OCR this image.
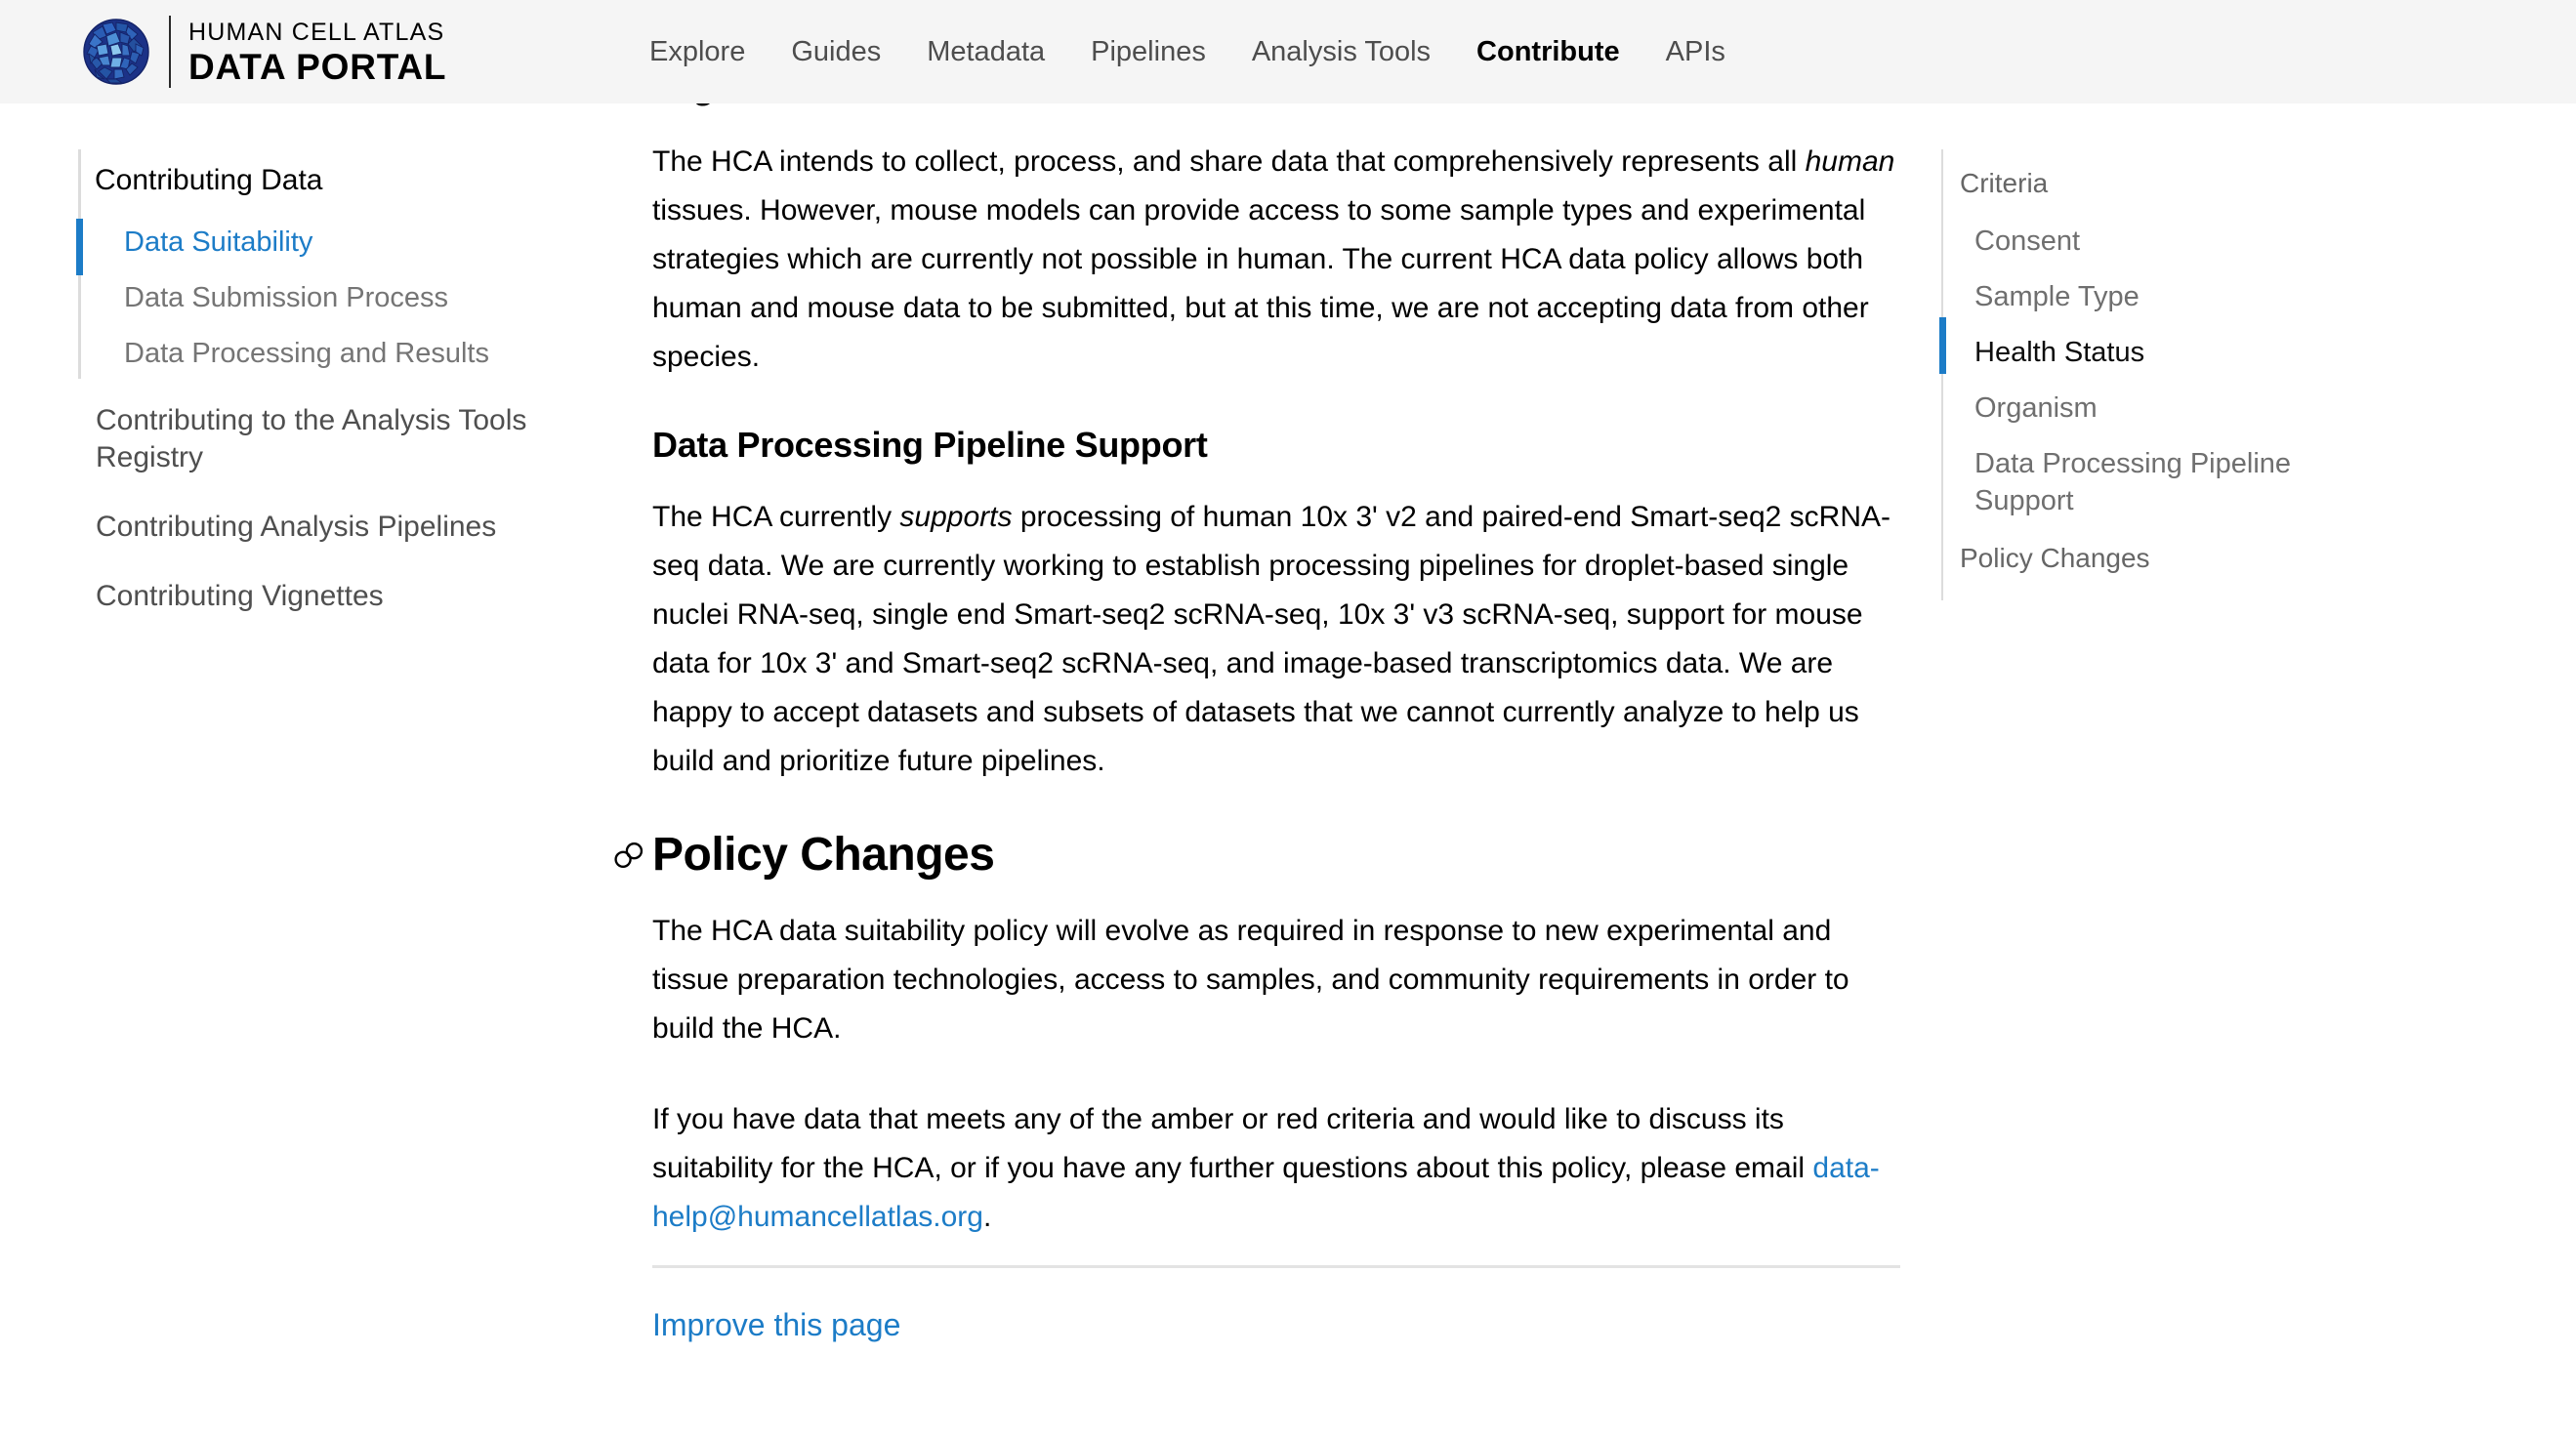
The HCA intends to collect, process, and share data that comprehensively represents all human tissues. However, mouse models can provide access to some sample types and experimental strategies which are currently not possible in human. The current HCA data policy allows both human and mouse data to be submitted, but at this time, we are not accepting data from other species.

Data Processing Pipeline Support

The HCA currently supports processing of human 10x 3' v2 and paired-end Smart-seq2 scRNA-seq data. We are currently working to establish processing pipelines for droplet-based single nuclei RNA-seq, single end Smart-seq2 scRNA-seq, 10x 3' v3 scRNA-seq, support for mouse data for 10x 3' and Smart-seq2 scRNA-seq, and image-based transcriptomics data. We are happy to accept datasets and subsets of datasets that we cannot currently analyze to help us build and prioritize future pipelines.

Policy Changes

The HCA data suitability policy will evolve as required in response to new experimental and tissue preparation technologies, access to samples, and community requirements in order to build the HCA.

If you have data that meets any of the amber or red criteria and would like to discuss its suitability for the HCA, or if you have any further questions about this policy, please email data-help@humancellatlas.org.

Improve this page
HUMAN CELL ATLAS
DATA PORTAL	Explore Guides Metadata Pipelines Analysis Tools Contribute APIs
Contributing Data
Data Suitability
Data Submission Process
Data Processing and Results
Contributing to the Analysis Tools Registry
Contributing Analysis Pipelines
Contributing Vignettes
Criteria
Consent
Sample Type
Health Status
Organism
Data Processing Pipeline Support
Policy Changes
